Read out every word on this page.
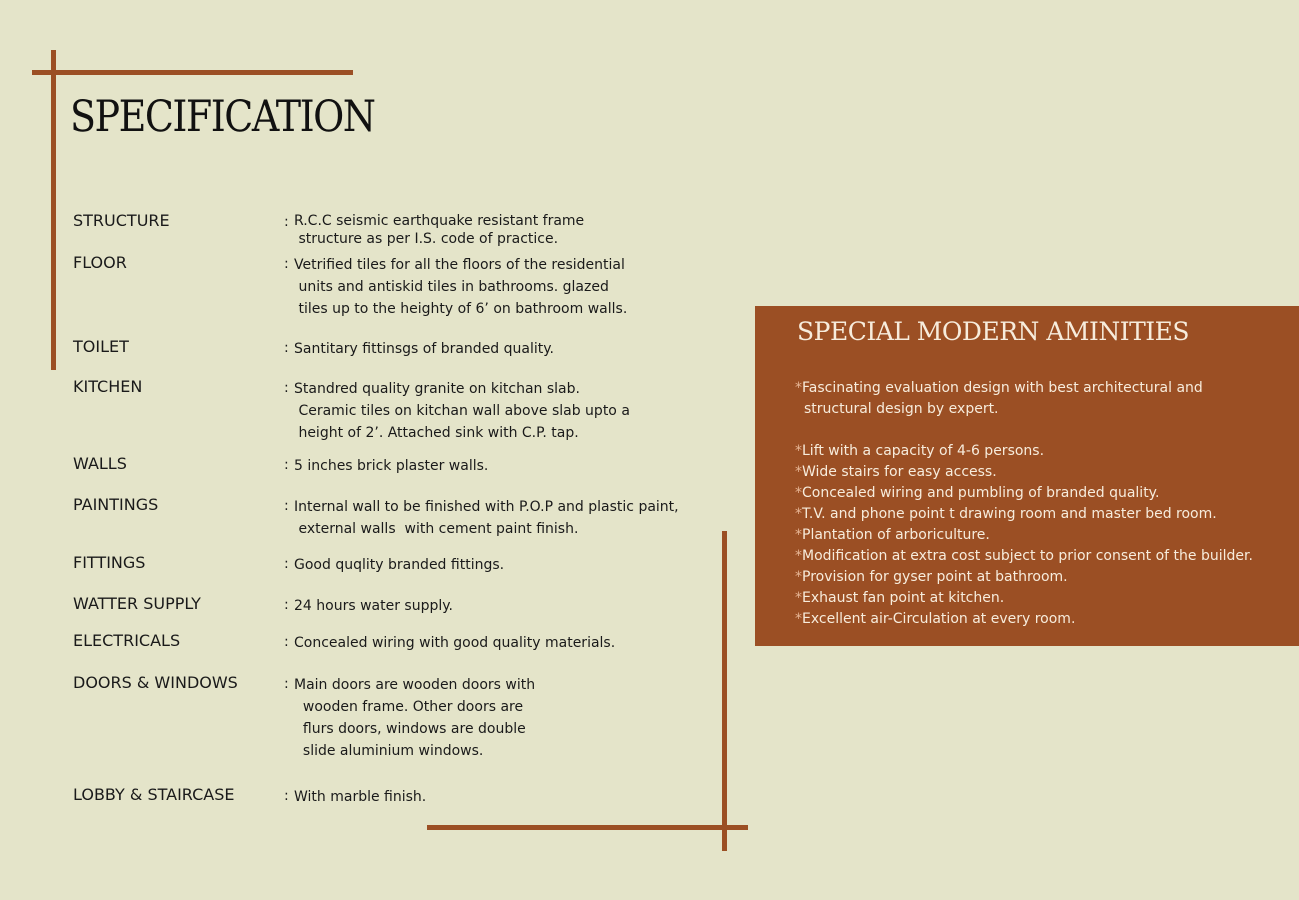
SPECIFICATION
STRUCTURE	: R.C.C seismic earthquake resistant frame
structure as per I.S. code of practice.
FLOOR	: Vetrified tiles for all the floors of the residential
units and antiskid tiles in bathrooms. glazed
tiles up to the heighty of 6’ on bathroom walls.
TOILET	: Santitary fittinsgs of branded quality.
KITCHEN	: Standred quality granite on kitchan slab.
Ceramic tiles on kitchan wall above slab upto a
height of 2’. Attached sink with C.P. tap.
WALLS	: 5 inches brick plaster walls.
PAINTINGS	: Internal wall to be finished with P.O.P and plastic paint,
external walls  with cement paint finish.
FITTINGS	: Good quqlity branded fittings.
WATTER SUPPLY	: 24 hours water supply.
ELECTRICALS	: Concealed wiring with good quality materials.
DOORS & WINDOWS	: Main doors are wooden doors with
wooden frame. Other doors are
flurs doors, windows are double
slide aluminium windows.
LOBBY & STAIRCASE	: With marble finish.
SPECIAL MODERN AMINITIES
*Fascinating evaluation design with best architectural and
structural design by expert.
*Lift with a capacity of 4-6 persons.
*Wide stairs for easy access.
*Concealed wiring and pumbling of branded quality.
*T.V. and phone point t drawing room and master bed room.
*Plantation of arboriculture.
*Modification at extra cost subject to prior consent of the builder.
*Provision for gyser point at bathroom.
*Exhaust fan point at kitchen.
*Excellent air-Circulation at every room.
